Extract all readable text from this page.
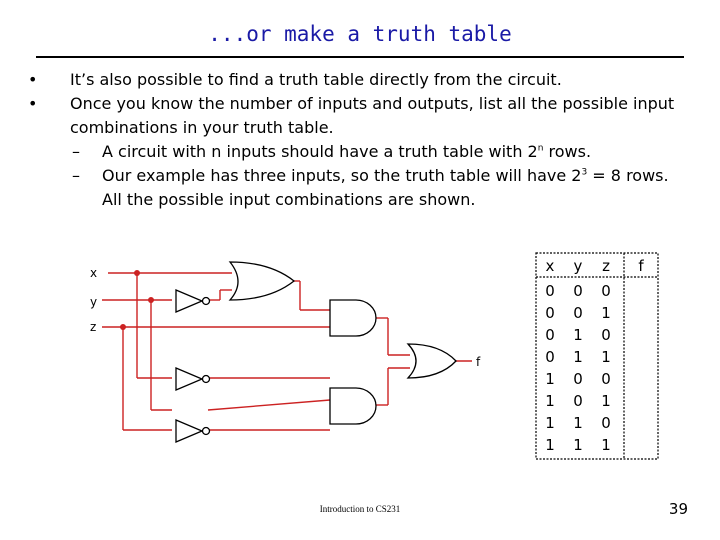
...or make a truth table
• It’s also possible to find a truth table directly from the circuit.
• Once you know the number of inputs and outputs, list all the possible input combinations in your truth table.
– A circuit with n inputs should have a truth table with 2$^n$ rows.
– Our example has three inputs, so the truth table will have $2^3 = 8$ rows. All the possible input combinations are shown.
x
y
z
f
x y z f
0 0 0
0 0 1
0 1 0
0 1 1
1 0 0
1 0 1
1 1 0
1 1 1
Introduction to CS231	39
